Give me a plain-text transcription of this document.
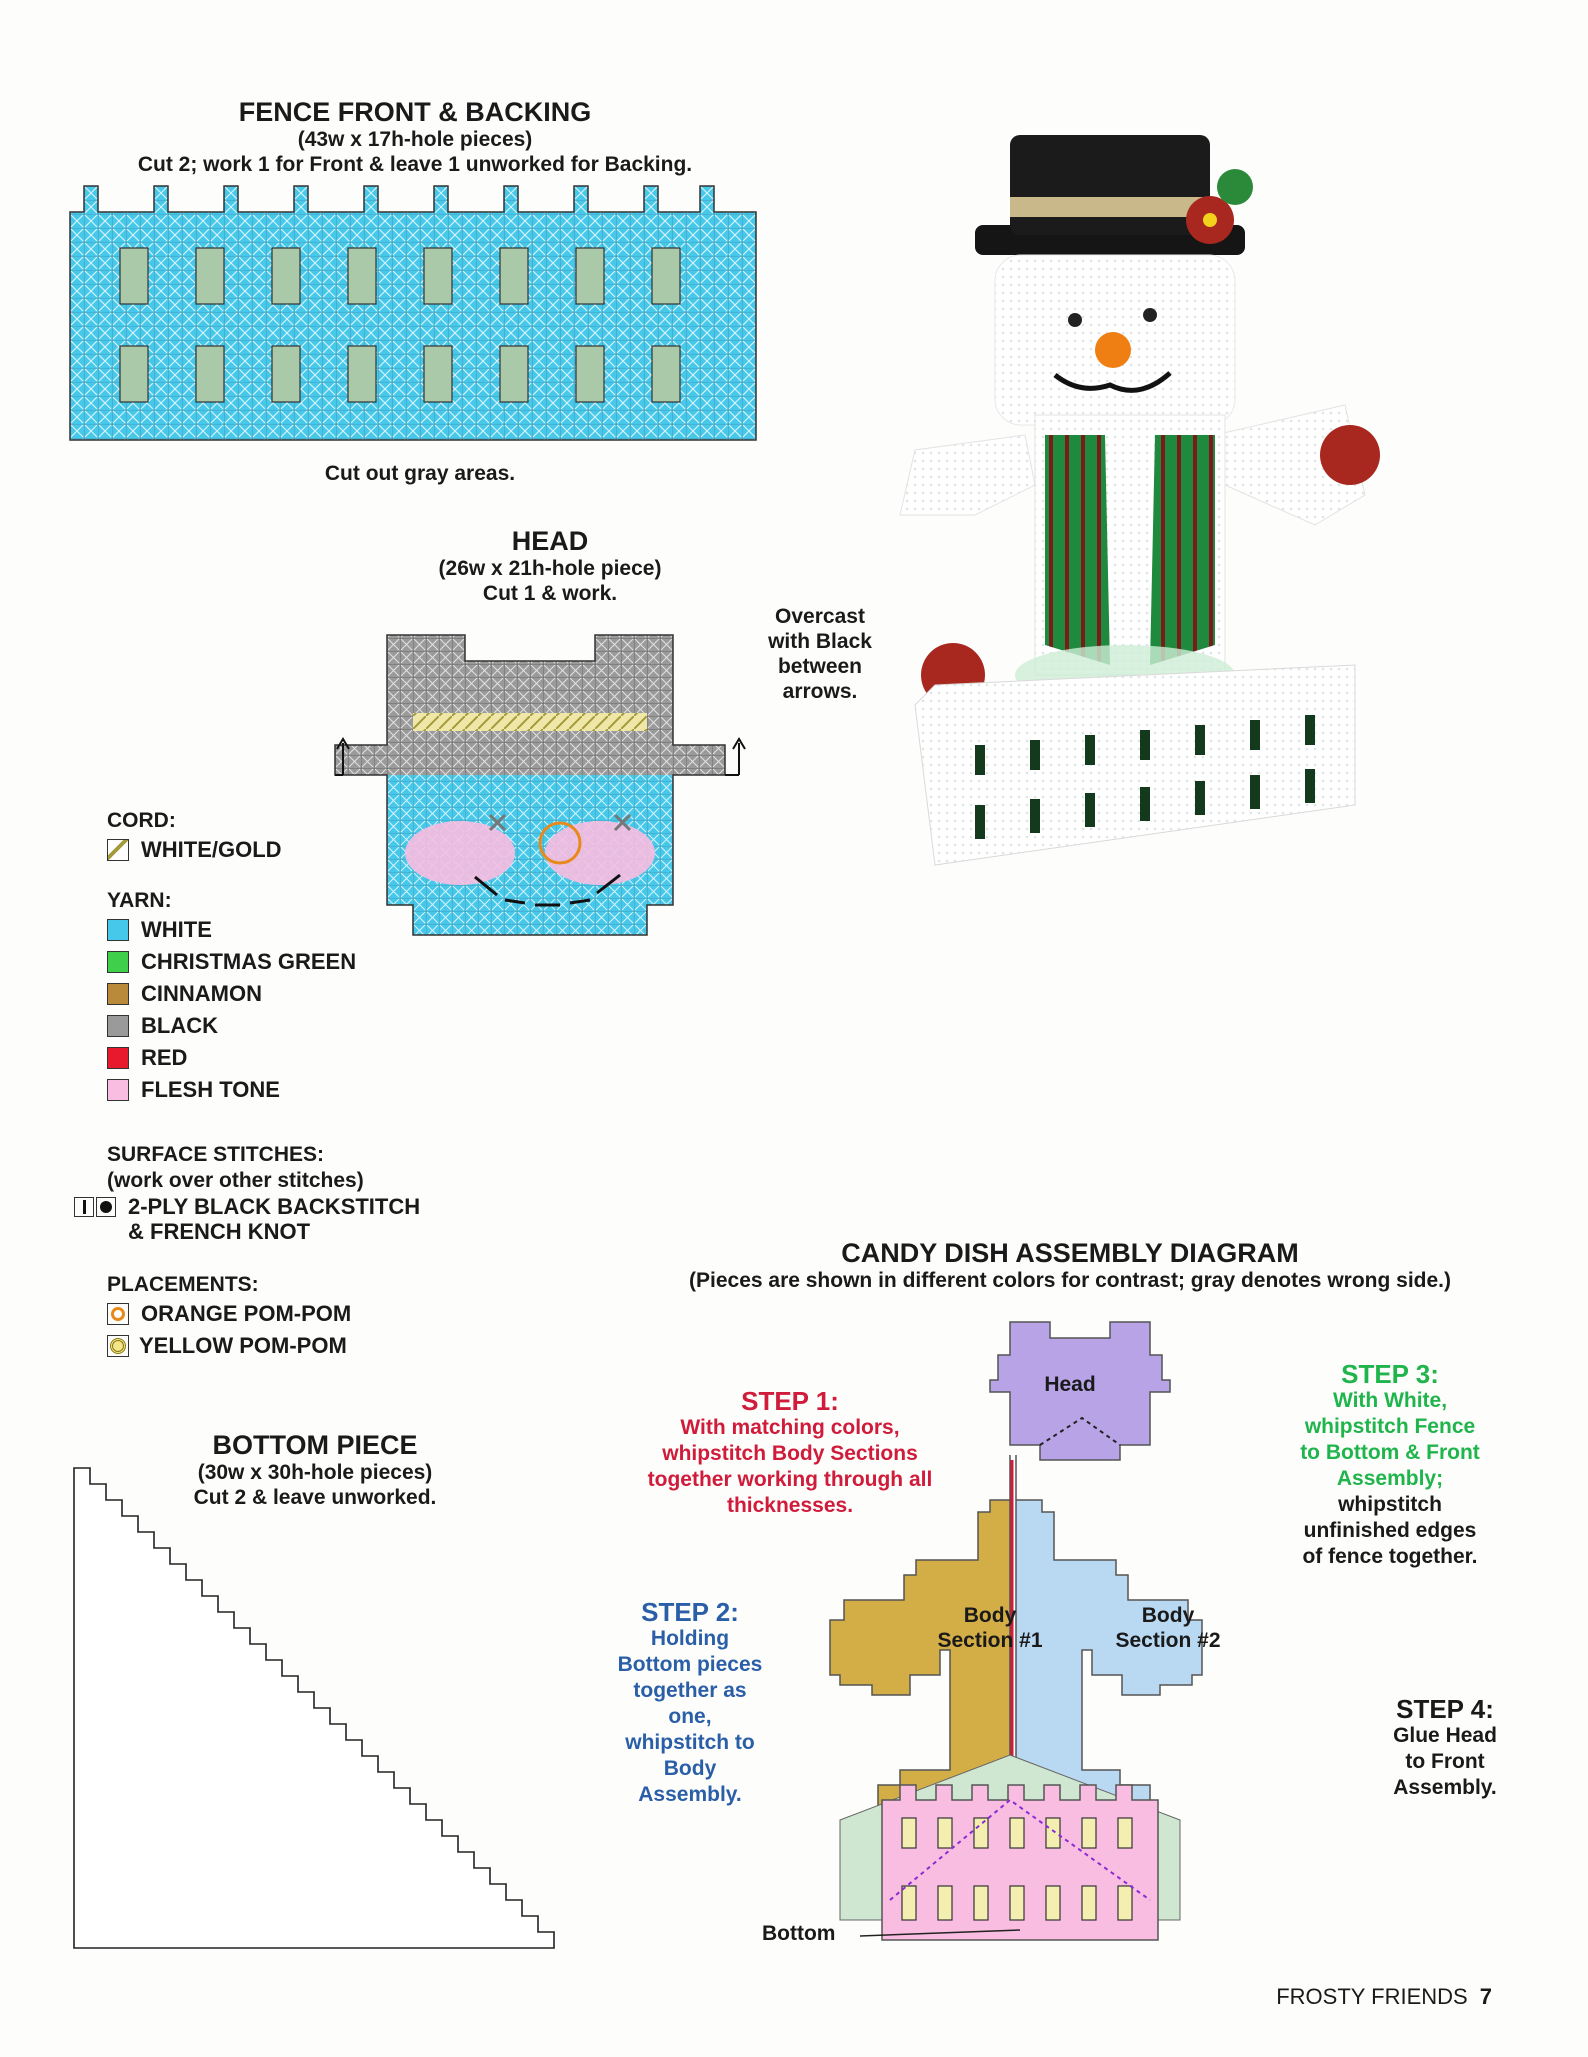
FENCE FRONT & BACKING
(43w x 17h-hole pieces)
Cut 2; work 1 for Front & leave 1 unworked for Backing.
Cut out gray areas.
HEAD
(26w x 21h-hole piece)
Cut 1 & work.
Overcast
with Black
between
arrows.
CORD:
WHITE/GOLD
YARN:
WHITE
CHRISTMAS GREEN
CINNAMON
BLACK
RED
FLESH TONE
SURFACE STITCHES:
(work over other stitches)
2-PLY BLACK BACKSTITCH
& FRENCH KNOT
PLACEMENTS:
ORANGE POM-POM
YELLOW POM-POM
BOTTOM PIECE
(30w x 30h-hole pieces)
Cut 2 & leave unworked.
CANDY DISH ASSEMBLY DIAGRAM
(Pieces are shown in different colors for contrast; gray denotes wrong side.)
Head
Body
Section #1
Body
Section #2
Bottom
STEP 1:
With matching colors,
whipstitch Body Sections
together working through all
thicknesses.
STEP 2:
Holding
Bottom pieces
together as
one,
whipstitch to
Body
Assembly.
STEP 3:
With White,
whipstitch Fence
to Bottom & Front
Assembly;
whipstitch
unfinished edges
of fence together.
STEP 4:
Glue Head
to Front
Assembly.
FROSTY FRIENDS 7
